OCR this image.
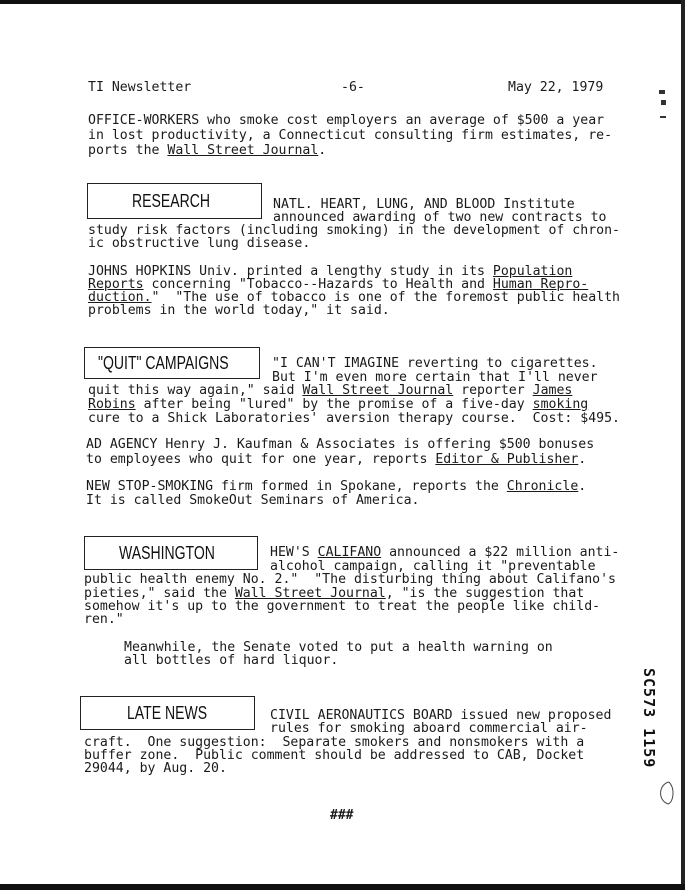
TI Newsletter	-6-	May 22, 1979
OFFICE-WORKERS who smoke cost employers an average of $500 a year
in lost productivity, a Connecticut consulting firm estimates, re-
ports the Wall Street Journal.
RESEARCH	NATL. HEART, LUNG, AND BLOOD Institute
announced awarding of two new contracts to
study risk factors (including smoking) in the development of chron-
ic obstructive lung disease.
JOHNS HOPKINS Univ. printed a lengthy study in its Population
Reports concerning "Tobacco--Hazards to Health and Human Repro-
duction."  "The use of tobacco is one of the foremost public health
problems in the world today," it said.
"QUIT" CAMPAIGNS	"I CAN'T IMAGINE reverting to cigarettes.
But I'm even more certain that I'll never
quit this way again," said Wall Street Journal reporter James
Robins after being "lured" by the promise of a five-day smoking
cure to a Shick Laboratories' aversion therapy course.  Cost: $495.
AD AGENCY Henry J. Kaufman & Associates is offering $500 bonuses
to employees who quit for one year, reports Editor & Publisher.
NEW STOP-SMOKING firm formed in Spokane, reports the Chronicle.
It is called SmokeOut Seminars of America.
WASHINGTON	HEW'S CALIFANO announced a $22 million anti-
alcohol campaign, calling it "preventable
public health enemy No. 2."  "The disturbing thing about Califano's
pieties," said the Wall Street Journal, "is the suggestion that
somehow it's up to the government to treat the people like child-
ren."
Meanwhile, the Senate voted to put a health warning on
all bottles of hard liquor.
LATE NEWS	CIVIL AERONAUTICS BOARD issued new proposed
rules for smoking aboard commercial air-
craft.  One suggestion:  Separate smokers and nonsmokers with a
buffer zone.  Public comment should be addressed to CAB, Docket
29044, by Aug. 20.
###
SC573 1159
